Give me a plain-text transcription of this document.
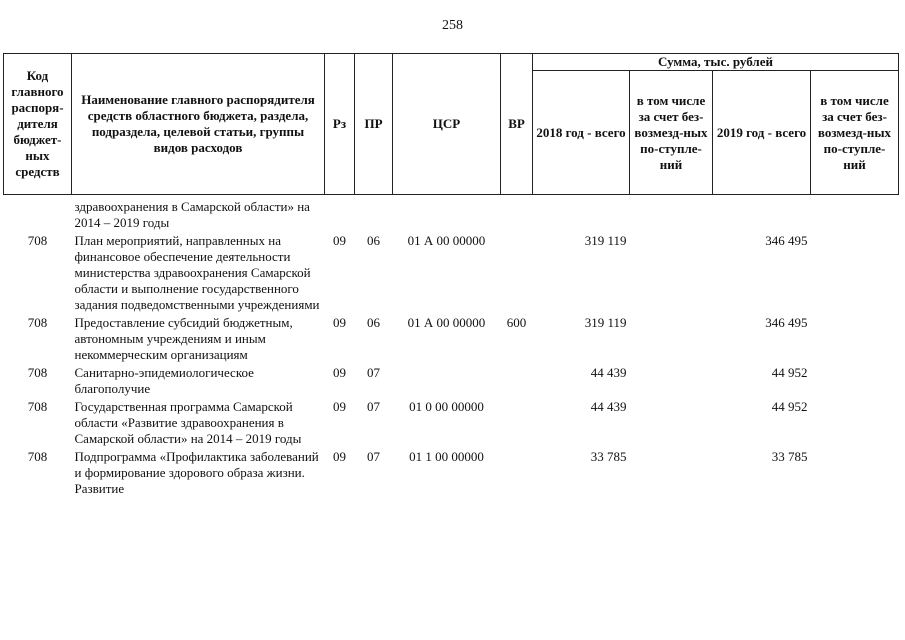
258
Код главного распоря-дителя бюджет-ных средств	Наименование главного распорядителя средств областного бюджета, раздела, подраздела, целевой статьи, группы видов расходов	Рз	ПР	ЦСР	ВР	Сумма, тыс. рублей			
						2018 год - всего	в том числе за счет без-возмезд-ных по-ступле-ний	2019 год - всего	в том числе за счет без-возмезд-ных по-ступле-ний
	здравоохранения в Самарской области» на 2014 – 2019 годы								
708	План мероприятий, направленных на финансовое обеспечение деятельности министерства здравоохранения Самарской области и выполнение государственного задания подведомственными учреждениями	09	06	01 А 00 00000		319 119		346 495	
708	Предоставление субсидий бюджетным, автономным учреждениям и иным некоммерческим организациям	09	06	01 А 00 00000	600	319 119		346 495	
708	Санитарно-эпидемиологическое благополучие	09	07			44 439		44 952	
708	Государственная программа Самарской области «Развитие здравоохранения в Самарской области» на 2014 – 2019 годы	09	07	01 0 00 00000		44 439		44 952	
708	Подпрограмма «Профилактика заболеваний и формирование здорового образа жизни. Развитие	09	07	01 1 00 00000		33 785		33 785	
